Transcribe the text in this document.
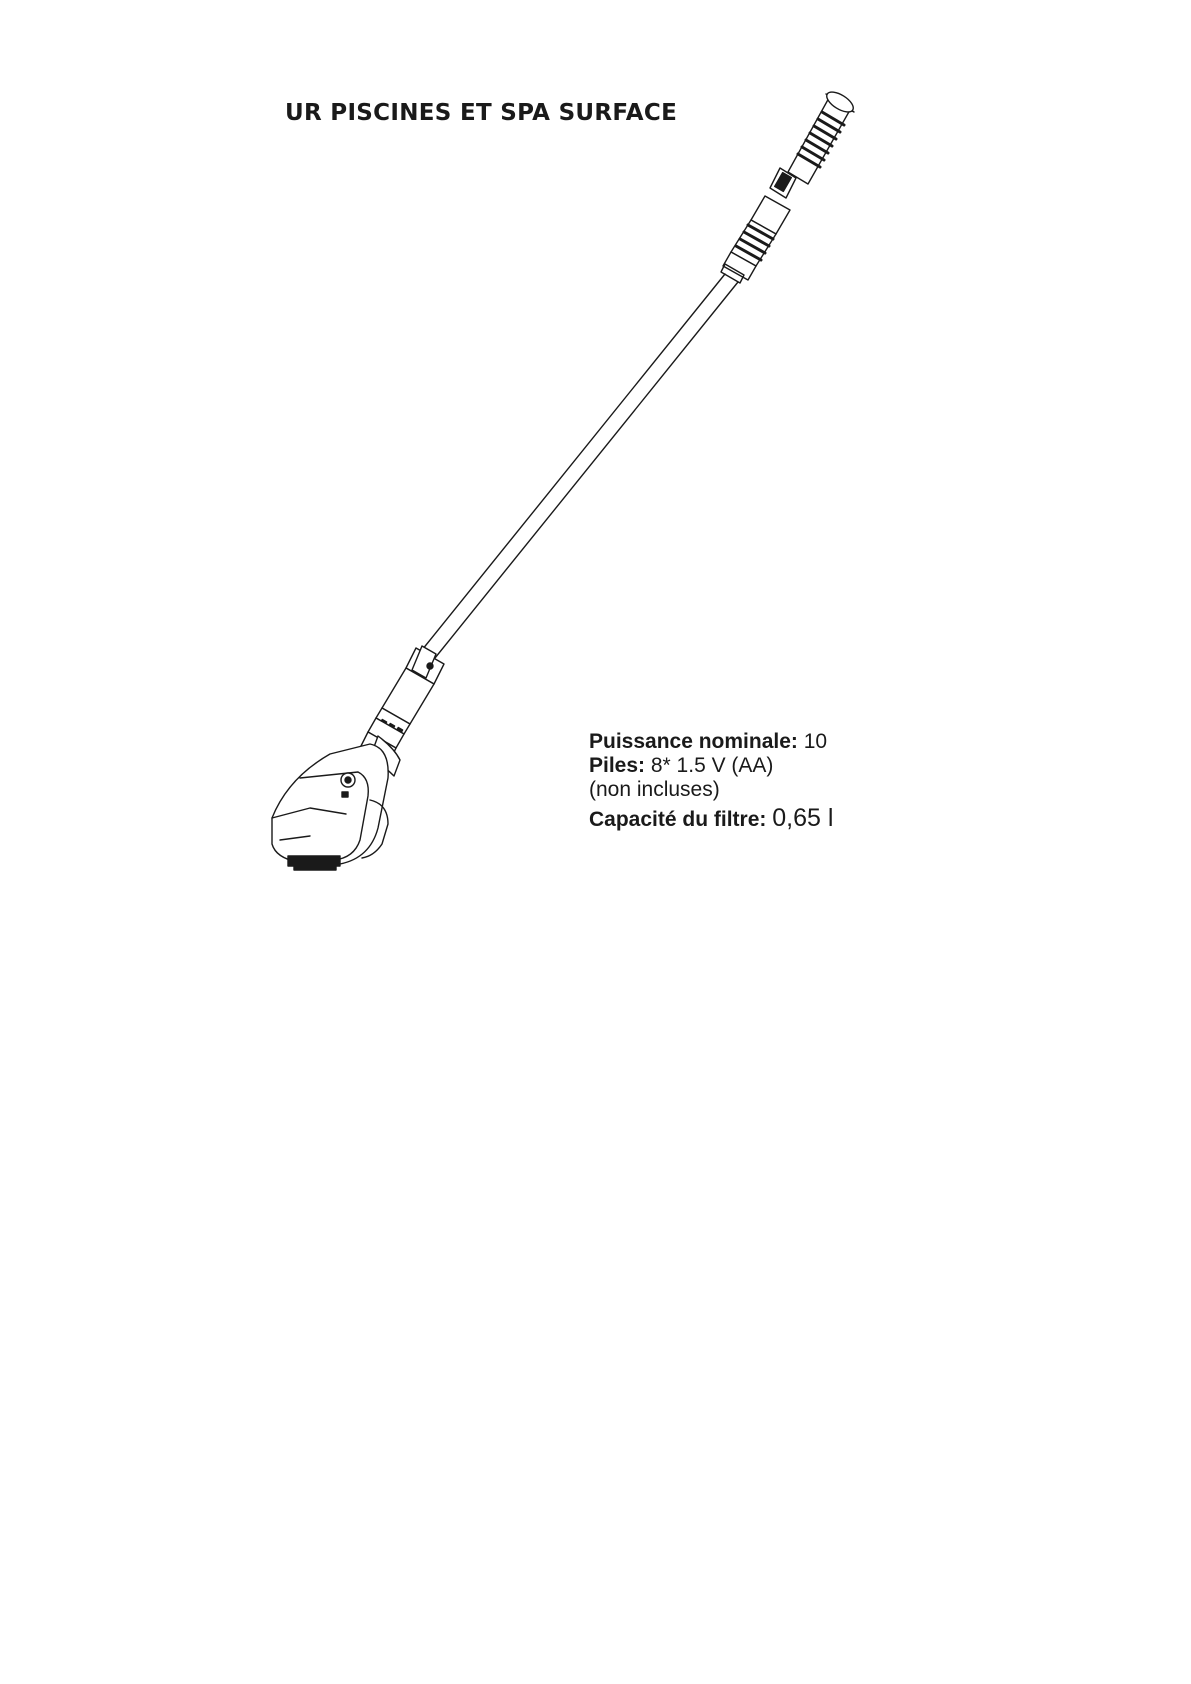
UR PISCINES ET SPA SURFACE
Puissance nominale: 10
Piles: 8* 1.5 V (AA)
(non incluses)
Capacité du filtre: 0,65 l
